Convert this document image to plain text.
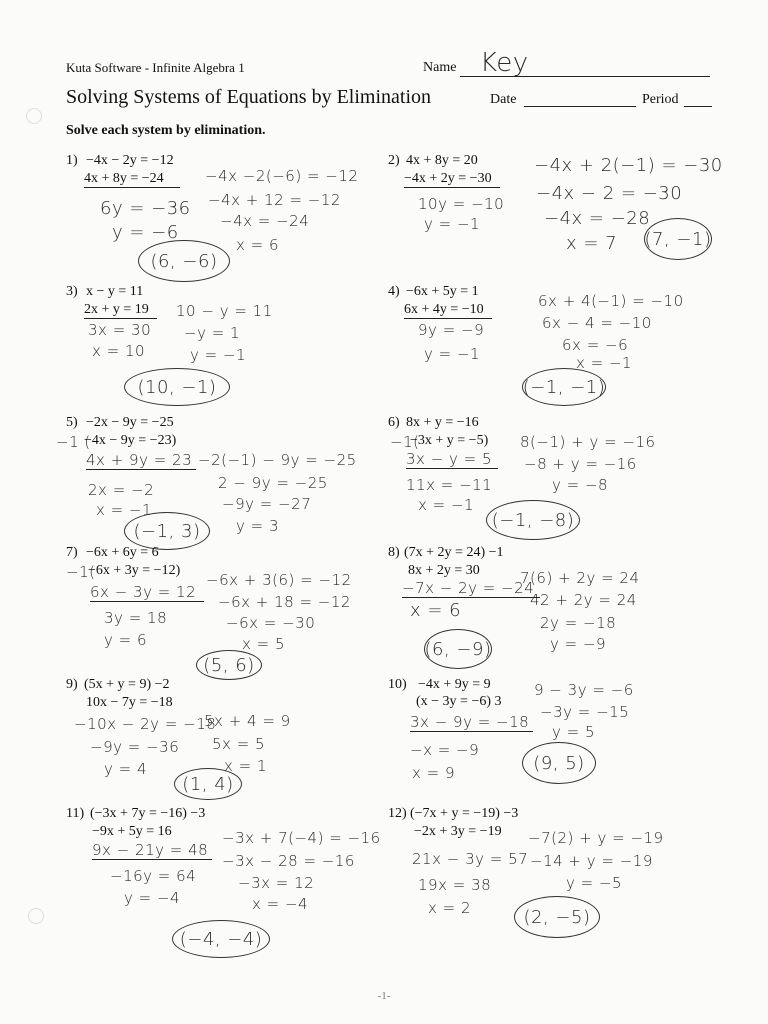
Kuta Software - Infinite Algebra 1	Name Key
Solving Systems of Equations by Elimination	Date	Period
Solve each system by elimination.
1) −4x − 2y = −12
4x + 8y = −24
6y = −36
y = −6
−4x −2(−6) = −12
−4x + 12 = −12
−4x = −24
x = 6
(6, −6)
2) 4x + 8y = 20
−4x + 2y = −30
10y = −10
y = −1
−4x + 2(−1) = −30
−4x − 2 = −30
−4x = −28
x = 7 (7, −1)
3) x − y = 11
2x + y = 19
3x = 30
x = 10
10 − y = 11
−y = 1
y = −1
(10, −1)
4) −6x + 5y = 1
6x + 4y = −10
9y = −9
y = −1
6x + 4(−1) = −10
6x − 4 = −10
6x = −6
x = −1
(−1, −1)
5) −2x − 9y = −25
−1 (
−4x − 9y = −23)
4x + 9y = 23
2x = −2
x = −1
−2(−1) − 9y = −25
2 − 9y = −25
−9y = −27
y = 3
(−1, 3)
6) 8x + y = −16
−1(
−3x + y = −5)
3x − y = 5
11x = −11
x = −1
8(−1) + y = −16
−8 + y = −16
y = −8
(−1, −8)
7) −6x + 6y = 6
−1(
−6x + 3y = −12)
6x − 3y = 12
3y = 18
y = 6
−6x + 3(6) = −12
−6x + 18 = −12
−6x = −30
x = 5
(5, 6)
8) (7x + 2y = 24) −1
8x + 2y = 30
−7x − 2y = −24
x = 6
7(6) + 2y = 24
42 + 2y = 24
2y = −18
y = −9
(6, −9)
9) (5x + y = 9) −2
10x − 7y = −18
−10x − 2y = −18
−9y = −36
y = 4
5x + 4 = 9
5x = 5
x = 1
(1, 4)
10) −4x + 9y = 9
(x − 3y = −6) 3
3x − 9y = −18
−x = −9
x = 9
9 − 3y = −6
−3y = −15
y = 5
(9, 5)
11) (−3x + 7y = −16) −3
−9x + 5y = 16
9x − 21y = 48
−16y = 64
y = −4
−3x + 7(−4) = −16
−3x − 28 = −16
−3x = 12
x = −4
(−4, −4)
12) (−7x + y = −19) −3
−2x + 3y = −19
21x − 3y = 57
19x = 38
x = 2
−7(2) + y = −19
−14 + y = −19
y = −5
(2, −5)
-1-
